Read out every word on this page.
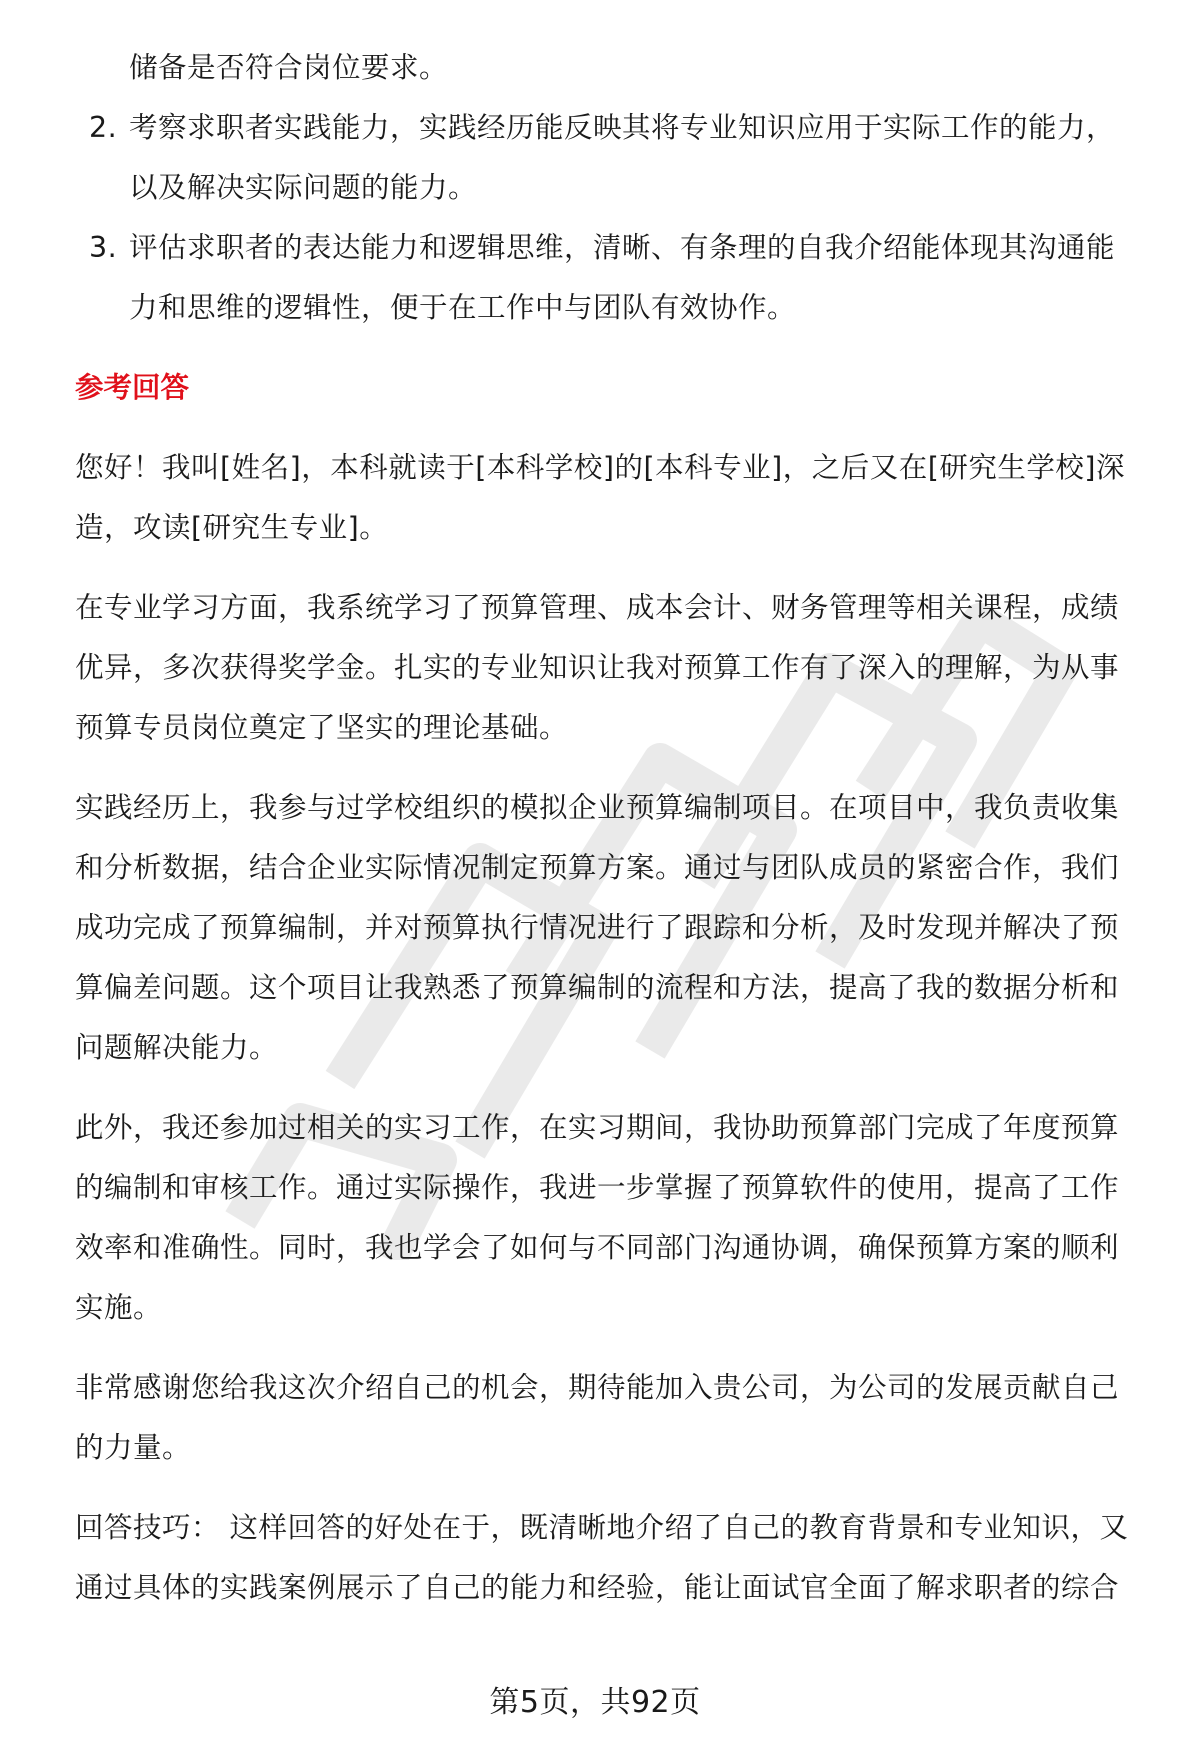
储备是否符合岗位要求。
2. 考察求职者实践能力，实践经历能反映其将专业知识应用于实际工作的能力，
以及解决实际问题的能力。
3. 评估求职者的表达能力和逻辑思维，清晰、有条理的自我介绍能体现其沟通能
力和思维的逻辑性，便于在工作中与团队有效协作。
参考回答
您好！我叫[姓名]，本科就读于[本科学校]的[本科专业]，之后又在[研究生学校]深
造，攻读[研究生专业]。
在专业学习方面，我系统学习了预算管理、成本会计、财务管理等相关课程，成绩
优异，多次获得奖学金。扎实的专业知识让我对预算工作有了深入的理解，为从事
预算专员岗位奠定了坚实的理论基础。
实践经历上，我参与过学校组织的模拟企业预算编制项目。在项目中，我负责收集
和分析数据，结合企业实际情况制定预算方案。通过与团队成员的紧密合作，我们
成功完成了预算编制，并对预算执行情况进行了跟踪和分析，及时发现并解决了预
算偏差问题。这个项目让我熟悉了预算编制的流程和方法，提高了我的数据分析和
问题解决能力。
此外，我还参加过相关的实习工作，在实习期间，我协助预算部门完成了年度预算
的编制和审核工作。通过实际操作，我进一步掌握了预算软件的使用，提高了工作
效率和准确性。同时，我也学会了如何与不同部门沟通协调，确保预算方案的顺利
实施。
非常感谢您给我这次介绍自己的机会，期待能加入贵公司，为公司的发展贡献自己
的力量。
回答技巧： 这样回答的好处在于，既清晰地介绍了自己的教育背景和专业知识，又
通过具体的实践案例展示了自己的能力和经验，能让面试官全面了解求职者的综合
第5页，共92页
